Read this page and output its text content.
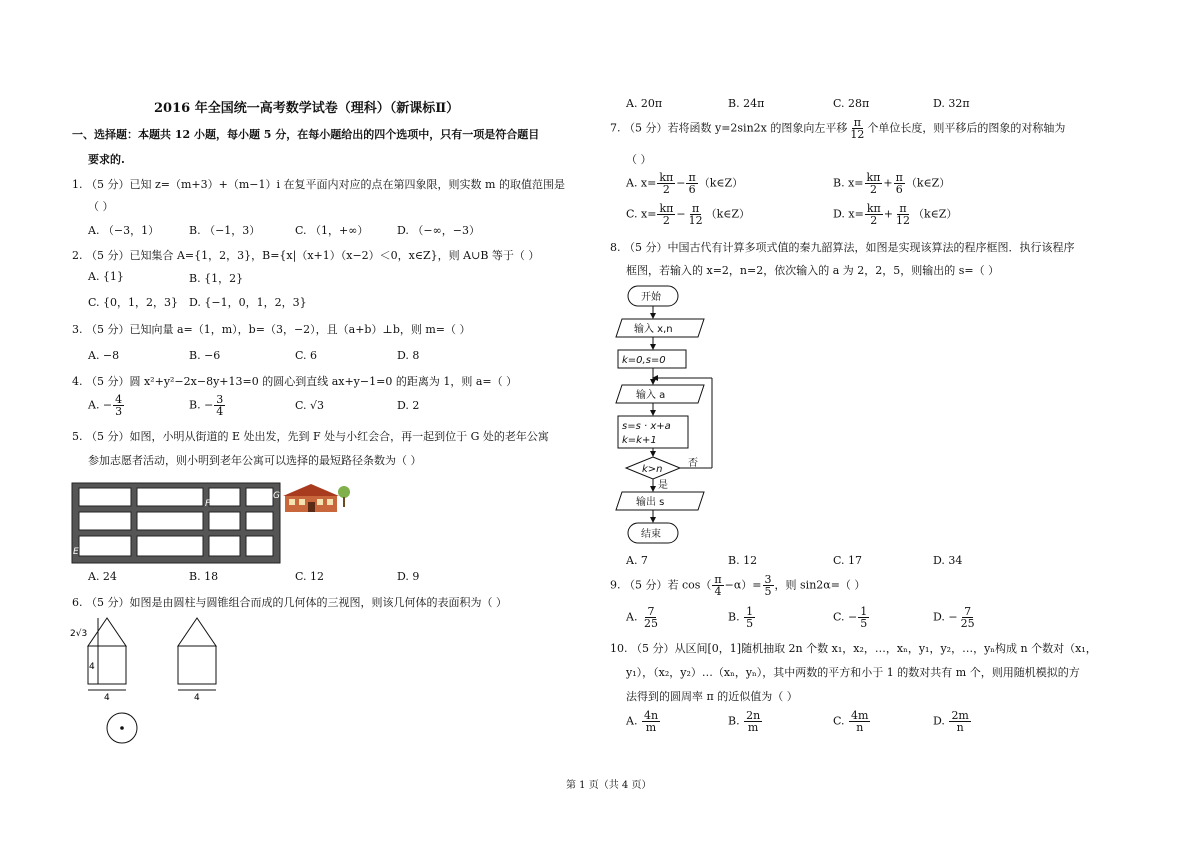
2016 年全国统一高考数学试卷（理科）（新课标Ⅱ）
一、选择题：本题共 12 小题，每小题 5 分，在每小题给出的四个选项中，只有一项是符合题目
要求的.
1. （5 分）已知 z=（m+3）+（m−1）i 在复平面内对应的点在第四象限，则实数 m 的取值范围是
（ ）
A. （−3，1）	B. （−1，3）	C. （1，+∞）	D. （−∞，−3）
2. （5 分）已知集合 A={1，2，3}，B={x|（x+1）（x−2）＜0，x∈Z}，则 A∪B 等于（ ）
A. {1}	B. {1，2}
C. {0，1，2，3} D. {−1，0，1，2，3}
3. （5 分）已知向量 a=（1，m），b=（3，−2），且（a+b）⊥b，则 m=（ ）
A. −8	B. −6	C. 6	D. 8
4. （5 分）圆 x²+y²−2x−8y+13=0 的圆心到直线 ax+y−1=0 的距离为 1，则 a=（ ）
A. − $\frac{4}{3}$	B. − $\frac{3}{4}$	C. √3	D. 2
5. （5 分）如图，小明从街道的 E 处出发，先到 F 处与小红会合，再一起到位于 G 处的老年公寓
参加志愿者活动，则小明到老年公寓可以选择的最短路径条数为（ ）
E
F
G
A. 24	B. 18	C. 12	D. 9
6. （5 分）如图是由圆柱与圆锥组合而成的几何体的三视图，则该几何体的表面积为（ ）
2√3
4
4	4
A. 20π	B. 24π	C. 28π	D. 32π
7. （5 分）若将函数 y=2sin2x 的图象向左平移 $\frac{\pi}{12}$ 个单位长度，则平移后的图象的对称轴为
（ ）
A. $x= \frac{k\pi}{2} - \frac{\pi}{6}$ （k∈Z）	B. $x= \frac{k\pi}{2} + \frac{\pi}{6}$ （k∈Z）
C. $x= \frac{k\pi}{2} - \frac{\pi}{12}$ （k∈Z）	D. $x= \frac{k\pi}{2} + \frac{\pi}{12}$ （k∈Z）
8. （5 分）中国古代有计算多项式值的秦九韶算法，如图是实现该算法的程序框图．执行该程序
框图，若输入的 x=2，n=2，依次输入的 a 为 2，2，5，则输出的 s=（ ）
开始
输入 x,n
k=0,s=0
输入 a
s=s · x+a
k=k+1
k>n
否
是
输出 s
结束
A. 7	B. 12	C. 17	D. 34
9. （5 分）若 $\cos( \frac{\pi}{4} -\alpha)= \frac{3}{5}$ ，则 sin2α=（ ）
A. $\frac{7}{25}$	B. $\frac{1}{5}$	C. − $\frac{1}{5}$	D. − $\frac{7}{25}$
10. （5 分）从区间[0，1]随机抽取 2n 个数 x₁，x₂，…，xₙ，y₁，y₂，…，yₙ构成 n 个数对（x₁，
y₁），（x₂，y₂）…（xₙ，yₙ），其中两数的平方和小于 1 的数对共有 m 个，则用随机模拟的方
法得到的圆周率 π 的近似值为（ ）
A. $\frac{4n}{m}$	B. $\frac{2n}{m}$	C. $\frac{4m}{n}$	D. $\frac{2m}{n}$
第 1 页（共 4 页）
